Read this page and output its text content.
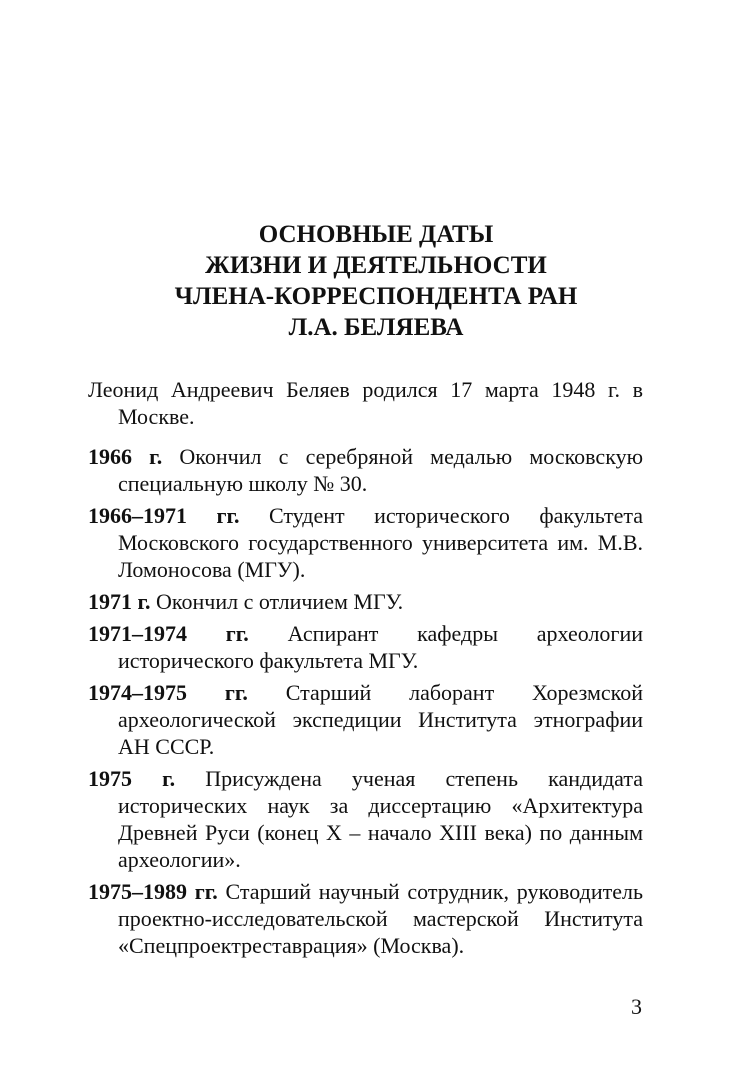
ОСНОВНЫЕ ДАТЫ
ЖИЗНИ И ДЕЯТЕЛЬНОСТИ
ЧЛЕНА-КОРРЕСПОНДЕНТА РАН
Л.А. БЕЛЯЕВА

Леонид Андреевич Беляев родился 17 марта 1948 г. в Москве.

1966 г. Окончил с серебряной медалью московскую специальную школу № 30.

1966–1971 гг. Студент исторического факультета Московского государственного университета им. М.В. Ломоносова (МГУ).

1971 г. Окончил с отличием МГУ.

1971–1974 гг. Аспирант кафедры археологии исторического факультета МГУ.

1974–1975 гг. Старший лаборант Хорезмской археологической экспедиции Института этнографии АН СССР.

1975 г. Присуждена ученая степень кандидата исторических наук за диссертацию «Архитектура Древней Руси (конец X – начало XIII века) по данным археологии».

1975–1989 гг. Старший научный сотрудник, руководитель проектно-исследовательской мастерской Института «Спецпроектреставрация» (Москва).

3
